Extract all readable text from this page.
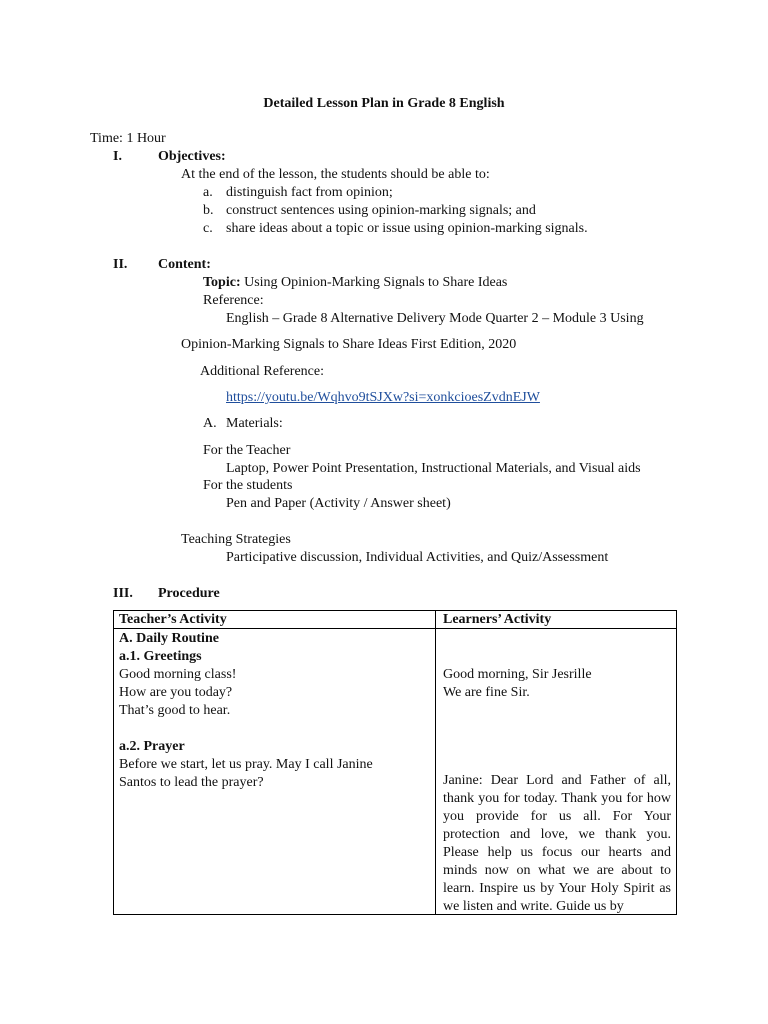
Detailed Lesson Plan in Grade 8 English
Time: 1 Hour
I.	Objectives:
At the end of the lesson, the students should be able to:
a. distinguish fact from opinion;
b. construct sentences using opinion-marking signals; and
c. share ideas about a topic or issue using opinion-marking signals.
II. Content:
Topic: Using Opinion-Marking Signals to Share Ideas
Reference:
English – Grade 8 Alternative Delivery Mode Quarter 2 – Module 3 Using
Opinion-Marking Signals to Share Ideas First Edition, 2020
Additional Reference:
https://youtu.be/Wqhvo9tSJXw?si=xonkcioesZvdnEJW
A. Materials:
For the Teacher
Laptop, Power Point Presentation, Instructional Materials, and Visual aids
For the students
Pen and Paper (Activity / Answer sheet)
Teaching Strategies
Participative discussion, Individual Activities, and Quiz/Assessment
III. Procedure
Teacher’s Activity	Learners’ Activity
A. Daily Routine
a.1. Greetings
Good morning class!
How are you today?
That’s good to hear.
a.2. Prayer
Before we start, let us pray. May I call Janine
Santos to lead the prayer?
Good morning, Sir Jesrille
We are fine Sir.
Janine: Dear Lord and Father of all, thank you for today. Thank you for how you provide for us all. For Your protection and love, we thank you. Please help us focus our hearts and minds now on what we are about to learn. Inspire us by Your Holy Spirit as we listen and write. Guide us by
